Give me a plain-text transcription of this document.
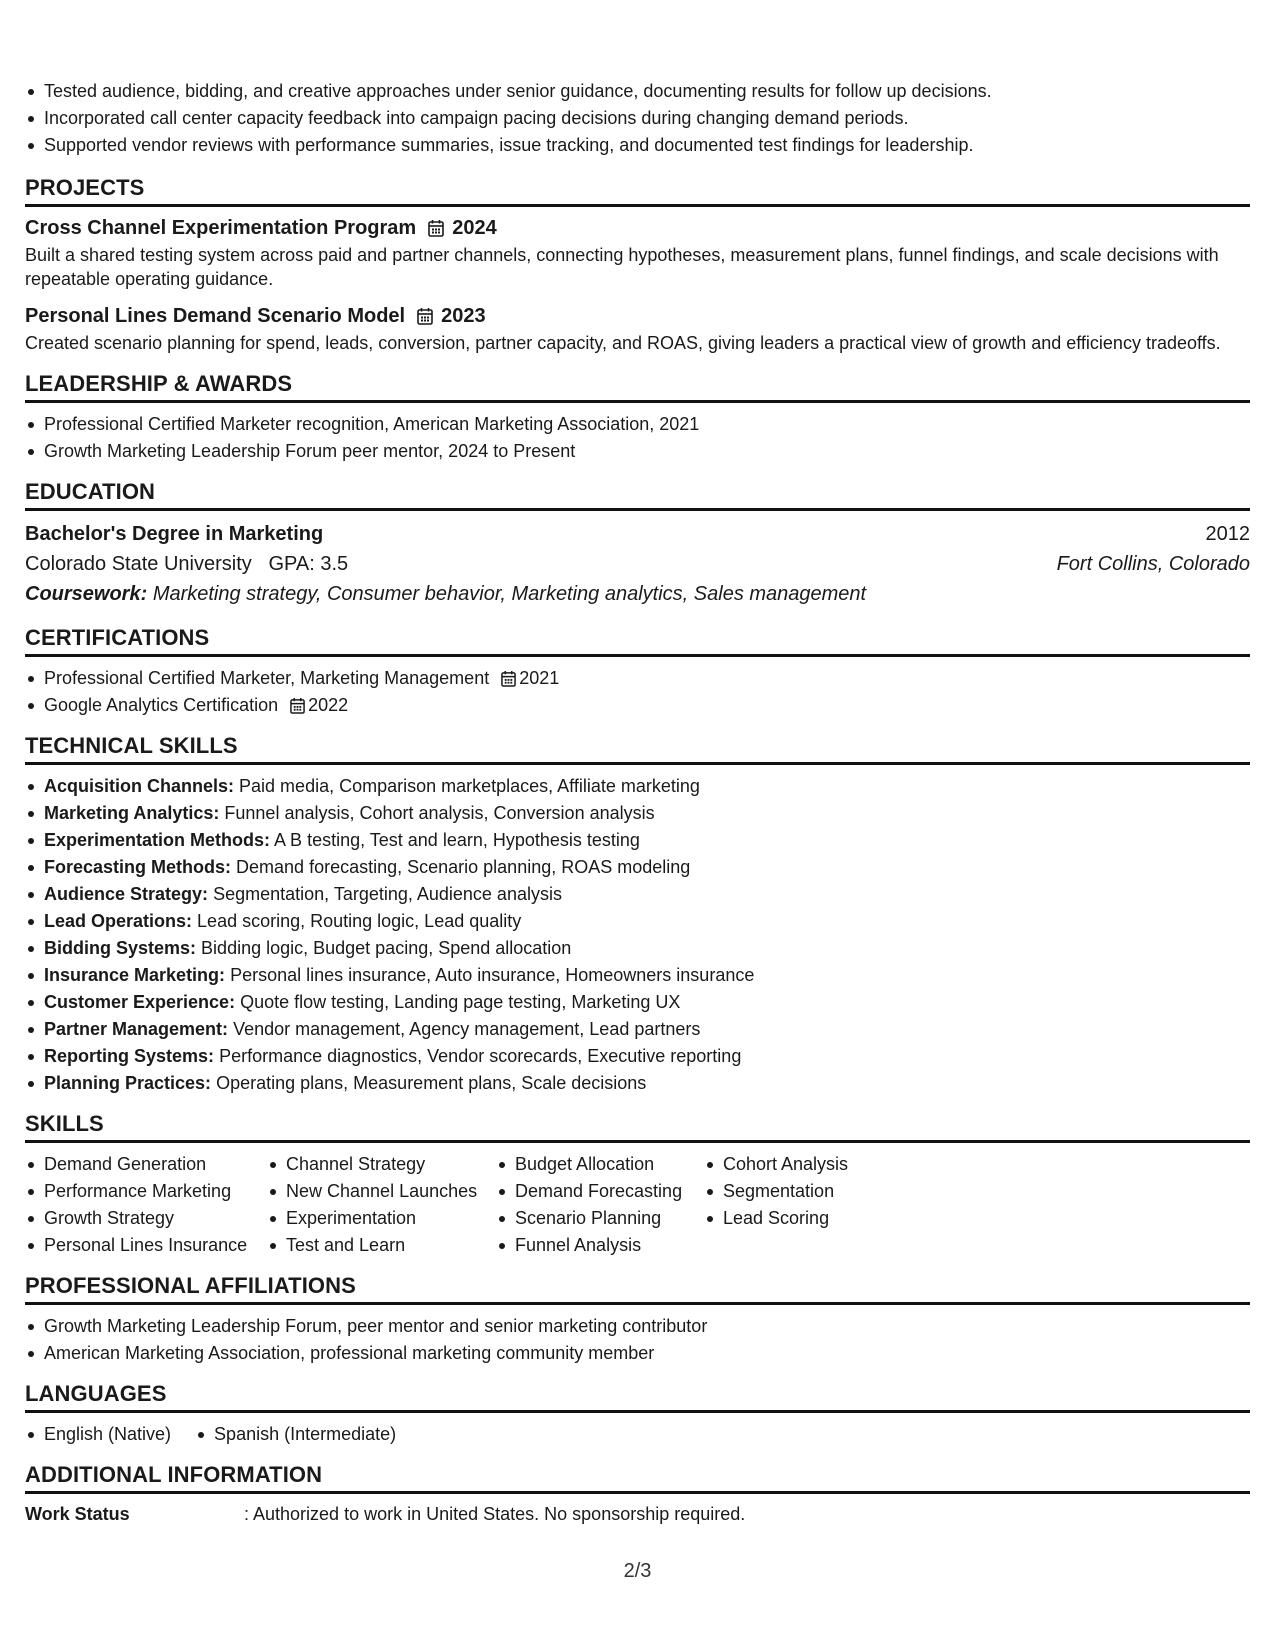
Tested audience, bidding, and creative approaches under senior guidance, documenting results for follow up decisions.
Incorporated call center capacity feedback into campaign pacing decisions during changing demand periods.
Supported vendor reviews with performance summaries, issue tracking, and documented test findings for leadership.
PROJECTS
Cross Channel Experimentation Program 2024
Built a shared testing system across paid and partner channels, connecting hypotheses, measurement plans, funnel findings, and scale decisions with repeatable operating guidance.
Personal Lines Demand Scenario Model 2023
Created scenario planning for spend, leads, conversion, partner capacity, and ROAS, giving leaders a practical view of growth and efficiency tradeoffs.
LEADERSHIP & AWARDS
Professional Certified Marketer recognition, American Marketing Association, 2021
Growth Marketing Leadership Forum peer mentor, 2024 to Present
EDUCATION
Bachelor's Degree in Marketing	2012
Colorado State University GPA: 3.5	Fort Collins, Colorado
Coursework: Marketing strategy, Consumer behavior, Marketing analytics, Sales management
CERTIFICATIONS
Professional Certified Marketer, Marketing Management 2021
Google Analytics Certification 2022
TECHNICAL SKILLS
Acquisition Channels: Paid media, Comparison marketplaces, Affiliate marketing
Marketing Analytics: Funnel analysis, Cohort analysis, Conversion analysis
Experimentation Methods: A B testing, Test and learn, Hypothesis testing
Forecasting Methods: Demand forecasting, Scenario planning, ROAS modeling
Audience Strategy: Segmentation, Targeting, Audience analysis
Lead Operations: Lead scoring, Routing logic, Lead quality
Bidding Systems: Bidding logic, Budget pacing, Spend allocation
Insurance Marketing: Personal lines insurance, Auto insurance, Homeowners insurance
Customer Experience: Quote flow testing, Landing page testing, Marketing UX
Partner Management: Vendor management, Agency management, Lead partners
Reporting Systems: Performance diagnostics, Vendor scorecards, Executive reporting
Planning Practices: Operating plans, Measurement plans, Scale decisions
SKILLS
Demand Generation
Performance Marketing
Growth Strategy
Personal Lines Insurance
Channel Strategy
New Channel Launches
Experimentation
Test and Learn
Budget Allocation
Demand Forecasting
Scenario Planning
Funnel Analysis
Cohort Analysis
Segmentation
Lead Scoring
PROFESSIONAL AFFILIATIONS
Growth Marketing Leadership Forum, peer mentor and senior marketing contributor
American Marketing Association, professional marketing community member
LANGUAGES
English (Native)	Spanish (Intermediate)
ADDITIONAL INFORMATION
Work Status	: Authorized to work in United States. No sponsorship required.
2/3
